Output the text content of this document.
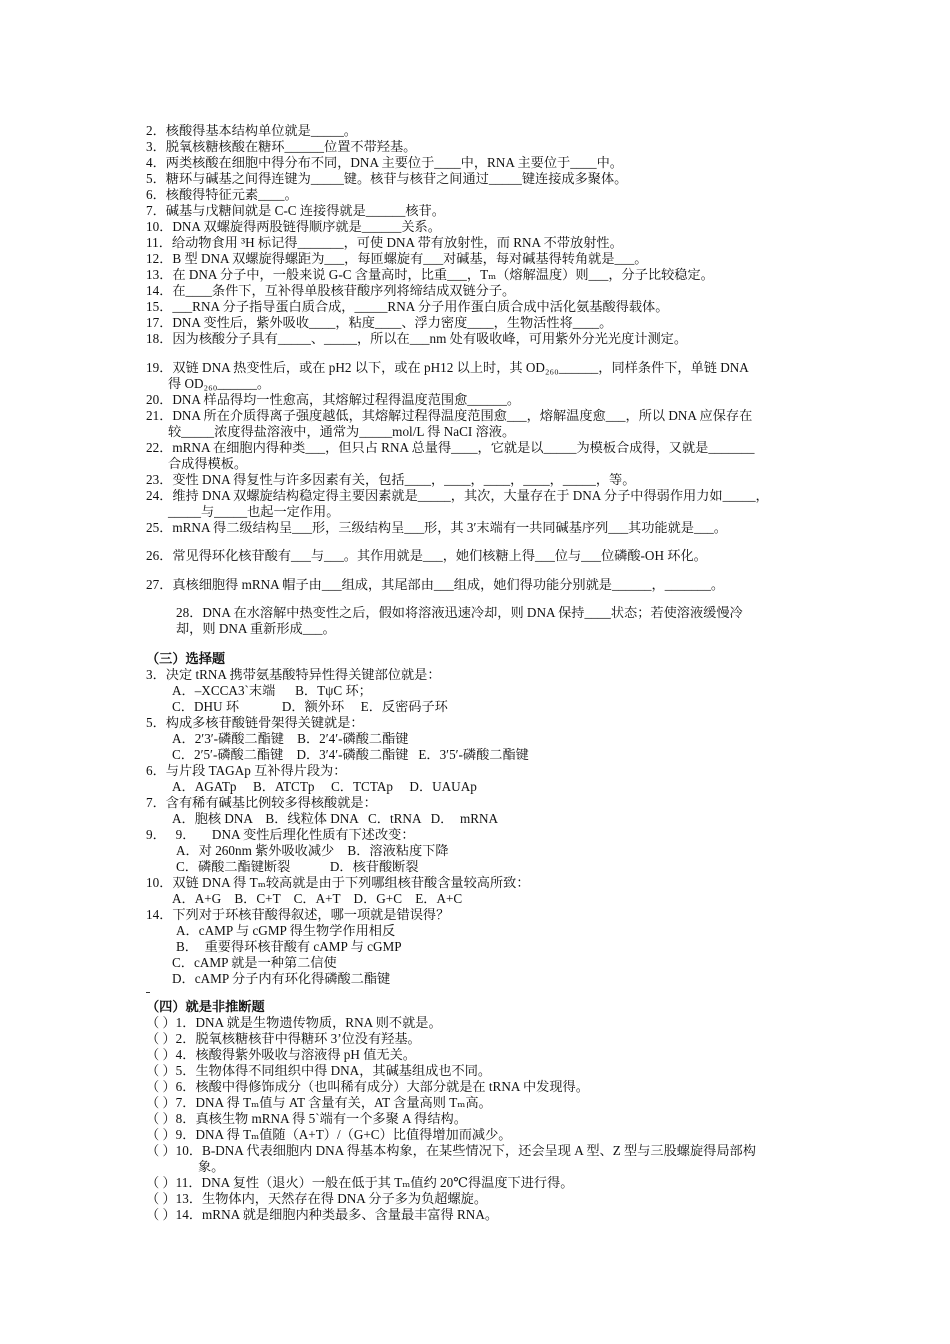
2．核酸得基本结构单位就是_____。
3．脱氧核糖核酸在糖环______位置不带羟基。
4．两类核酸在细胞中得分布不同，DNA 主要位于____中，RNA 主要位于____中。
5．糖环与碱基之间得连键为_____键。核苷与核苷之间通过_____键连接成多聚体。
6．核酸得特征元素____。
7．碱基与戊糖间就是 C-C 连接得就是______核苷。
10．DNA 双螺旋得两股链得顺序就是______关系。
11．给动物食用 ³H 标记得_______，可使 DNA 带有放射性，而 RNA 不带放射性。
12．B 型 DNA 双螺旋得螺距为___，每匝螺旋有___对碱基，每对碱基得转角就是___。
13．在 DNA 分子中，一般来说 G-C 含量高时，比重___，Tₘ（熔解温度）则___，分子比较稳定。
14．在____条件下，互补得单股核苷酸序列将缔结成双链分子。
15．___RNA 分子指导蛋白质合成，_____RNA 分子用作蛋白质合成中活化氨基酸得载体。
17．DNA 变性后，紫外吸收____，粘度____、浮力密度____，生物活性将____。
18．因为核酸分子具有_____、_____，所以在___nm 处有吸收峰，可用紫外分光光度计测定。
19．双链 DNA 热变性后，或在 pH2 以下，或在 pH12 以上时，其 OD₂₆₀______，同样条件下，单链 DNA
得 OD₂₆₀______。
20．DNA 样品得均一性愈高，其熔解过程得温度范围愈______。
21．DNA 所在介质得离子强度越低，其熔解过程得温度范围愈___，熔解温度愈___，所以 DNA 应保存在
较_____浓度得盐溶液中，通常为_____mol/L 得 NaCI 溶液。
22．mRNA 在细胞内得种类___，但只占 RNA 总量得____，它就是以_____为模板合成得，又就是_______
合成得模板。
23．变性 DNA 得复性与许多因素有关，包括____，____，____，____，_____，等。
24．维持 DNA 双螺旋结构稳定得主要因素就是_____，其次，大量存在于 DNA 分子中得弱作用力如_____，
_____与_____也起一定作用。
25．mRNA 得二级结构呈___形，三级结构呈___形，其 3′末端有一共同碱基序列___其功能就是___。
26．常见得环化核苷酸有___与___。其作用就是___，她们核糖上得___位与___位磷酸-OH 环化。
27．真核细胞得 mRNA 帽子由___组成，其尾部由___组成，她们得功能分别就是______，_______。
28．DNA 在水溶解中热变性之后，假如将溶液迅速冷却，则 DNA 保持____状态；若使溶液缓慢冷
却，则 DNA 重新形成___。
（三）选择题
3．决定 tRNA 携带氨基酸特异性得关键部位就是：
A．–XCCA3`末端      B．TψC 环；
C．DHU 环             D．额外环     E．反密码子环
5．构成多核苷酸链骨架得关键就是：
A．2′3′-磷酸二酯键    B．2′4′-磷酸二酯键
C．2′5′-磷酸二酯键    D．3′4′-磷酸二酯键   E．3′5′-磷酸二酯键
6．与片段 TAGAp 互补得片段为：
A．AGATp     B．ATCTp     C．TCTAp     D．UAUAp
7．含有稀有碱基比例较多得核酸就是：
A．胞核 DNA    B．线粒体 DNA   C．tRNA   D．  mRNA
9．   9．     DNA 变性后理化性质有下述改变：
A．对 260nm 紫外吸收减少    B．溶液粘度下降
C．磷酸二酯键断裂            D．核苷酸断裂
10．双链 DNA 得 Tₘ较高就是由于下列哪组核苷酸含量较高所致：
A．A+G    B．C+T    C．A+T    D．G+C    E．A+C
14．下列对于环核苷酸得叙述，哪一项就是错误得？
A．cAMP 与 cGMP 得生物学作用相反
B．  重要得环核苷酸有 cAMP 与 cGMP
C．cAMP 就是一种第二信使
D．cAMP 分子内有环化得磷酸二酯键
（四）就是非推断题
（ ）1．DNA 就是生物遗传物质，RNA 则不就是。
（ ）2．脱氧核糖核苷中得糖环 3’位没有羟基。
（ ）4．核酸得紫外吸收与溶液得 pH 值无关。
（ ）5．生物体得不同组织中得 DNA，其碱基组成也不同。
（ ）6．核酸中得修饰成分（也叫稀有成分）大部分就是在 tRNA 中发现得。
（ ）7．DNA 得 Tₘ值与 AT 含量有关，AT 含量高则 Tₘ高。
（ ）8．真核生物 mRNA 得 5`端有一个多聚 A 得结构。
（ ）9．DNA 得 Tₘ值随（A+T）/（G+C）比值得增加而减少。
（ ）10．B-DNA 代表细胞内 DNA 得基本构象，在某些情况下，还会呈现 A 型、Z 型与三股螺旋得局部构
象。
（ ）11．DNA 复性（退火）一般在低于其 Tₘ值约 20℃得温度下进行得。
（ ）13．生物体内，天然存在得 DNA 分子多为负超螺旋。
（ ）14．mRNA 就是细胞内种类最多、含量最丰富得 RNA。
